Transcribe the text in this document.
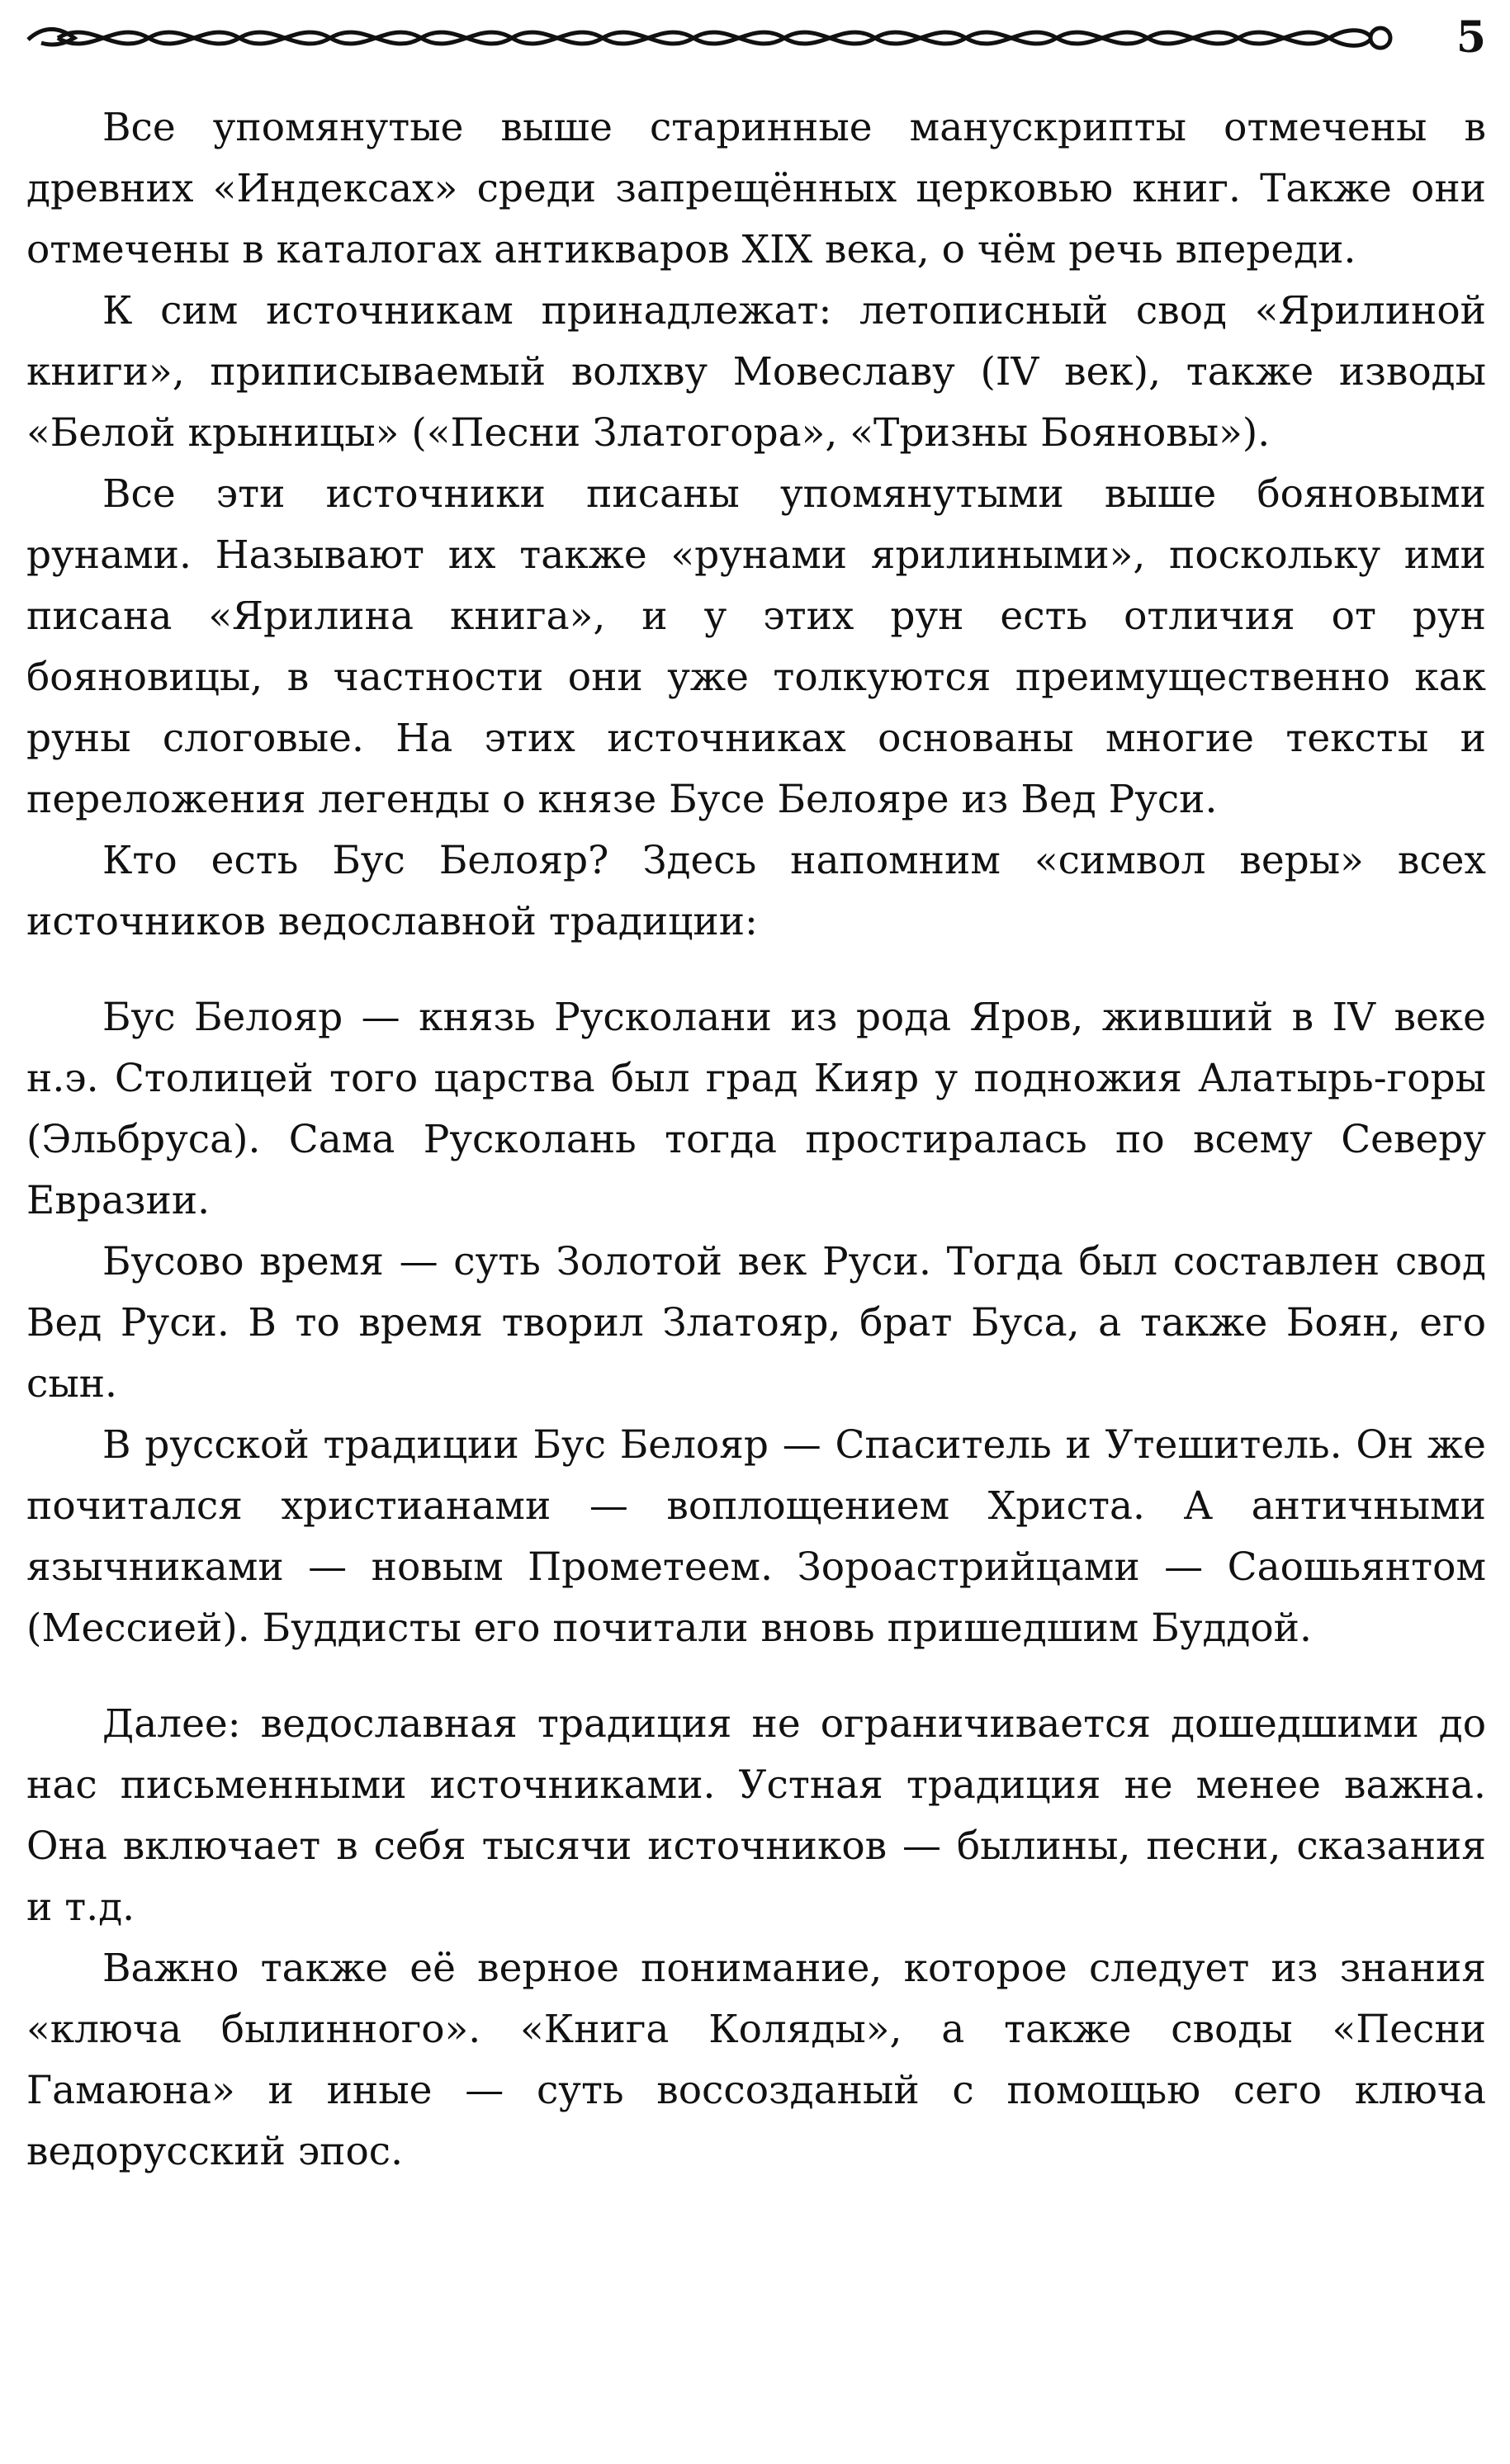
5

Все упомянутые выше старинные манускрипты отмечены в древних «Индексах» среди запрещённых церковью книг. Также они отмечены в каталогах антикваров XIX века, о чём речь впереди.

К сим источникам принадлежат: летописный свод «Ярилиной книги», приписываемый волхву Мовеславу (IV век), также изводы «Белой крыницы» («Песни Златогора», «Тризны Бояновы»).

Все эти источники писаны упомянутыми выше бояновыми рунами. Называют их также «рунами ярилиными», поскольку ими писана «Ярилина книга», и у этих рун есть отличия от рун бояновицы, в частности они уже толкуются преимущественно как руны слоговые. На этих источниках основаны многие тексты и переложения легенды о князе Бусе Белояре из Вед Руси.

Кто есть Бус Белояр? Здесь напомним «символ веры» всех источников ведославной традиции:

Бус Белояр — князь Русколани из рода Яров, живший в IV веке н.э. Столицей того царства был град Кияр у подножия Алатырь-горы (Эльбруса). Сама Русколань тогда простиралась по всему Северу Евразии.

Бусово время — суть Золотой век Руси. Тогда был составлен свод Вед Руси. В то время творил Златояр, брат Буса, а также Боян, его сын.

В русской традиции Бус Белояр — Спаситель и Утешитель. Он же почитался христианами — воплощением Христа. А античными язычниками — новым Прометеем. Зороастрийцами — Саошьянтом (Мессией). Буддисты его почитали вновь пришедшим Буддой.

Далее: ведославная традиция не ограничивается дошедшими до нас письменными источниками. Устная традиция не менее важна. Она включает в себя тысячи источников — былины, песни, сказания и т.д.

Важно также её верное понимание, которое следует из знания «ключа былинного». «Книга Коляды», а также своды «Песни Гамаюна» и иные — суть воссозданый с помощью сего ключа ведорусский эпос.
